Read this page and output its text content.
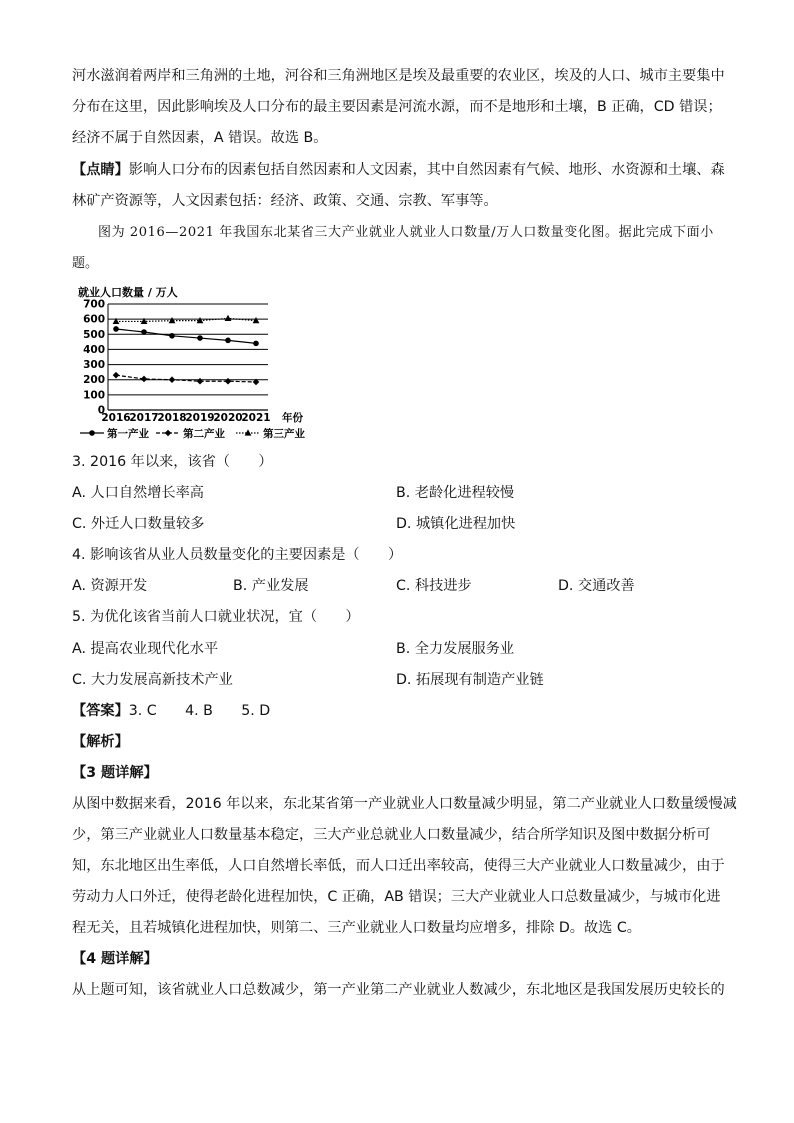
河水滋润着两岸和三角洲的土地，河谷和三角洲地区是埃及最重要的农业区，埃及的人口、城市主要集中
分布在这里，因此影响埃及人口分布的最主要因素是河流水源，而不是地形和土壤，B 正确，CD 错误；
经济不属于自然因素，A 错误。故选 B。
【点睛】影响人口分布的因素包括自然因素和人文因素，其中自然因素有气候、地形、水资源和土壤、森
林矿产资源等，人文因素包括：经济、政策、交通、宗教、军事等。
图为 2016—2021 年我国东北某省三大产业就业人就业人口数量/万人口数量变化图。据此完成下面小
题。
就业人口数量 / 万人
700
600
500
400
300
200
100
0
2016
2017
2018
2019
2020
2021 年份
第一产业	第二产业	第三产业
3. 2016 年以来，该省（　　）
A. 人口自然增长率高	B. 老龄化进程较慢
C. 外迁人口数量较多	D. 城镇化进程加快
4. 影响该省从业人员数量变化的主要因素是（　　）
A. 资源开发	B. 产业发展	C. 科技进步	D. 交通改善
5. 为优化该省当前人口就业状况，宜（　　）
A. 提高农业现代化水平	B. 全力发展服务业
C. 大力发展高新技术产业	D. 拓展现有制造产业链
【答案】3. C　　4. B　　5. D
【解析】
【3 题详解】
从图中数据来看，2016 年以来，东北某省第一产业就业人口数量减少明显，第二产业就业人口数量缓慢减
少，第三产业就业人口数量基本稳定，三大产业总就业人口数量减少，结合所学知识及图中数据分析可
知，东北地区出生率低，人口自然增长率低，而人口迁出率较高，使得三大产业就业人口数量减少，由于
劳动力人口外迁，使得老龄化进程加快，C 正确，AB 错误；三大产业就业人口总数量减少，与城市化进
程无关，且若城镇化进程加快，则第二、三产业就业人口数量均应增多，排除 D。故选 C。
【4 题详解】
从上题可知，该省就业人口总数减少，第一产业第二产业就业人数减少，东北地区是我国发展历史较长的
